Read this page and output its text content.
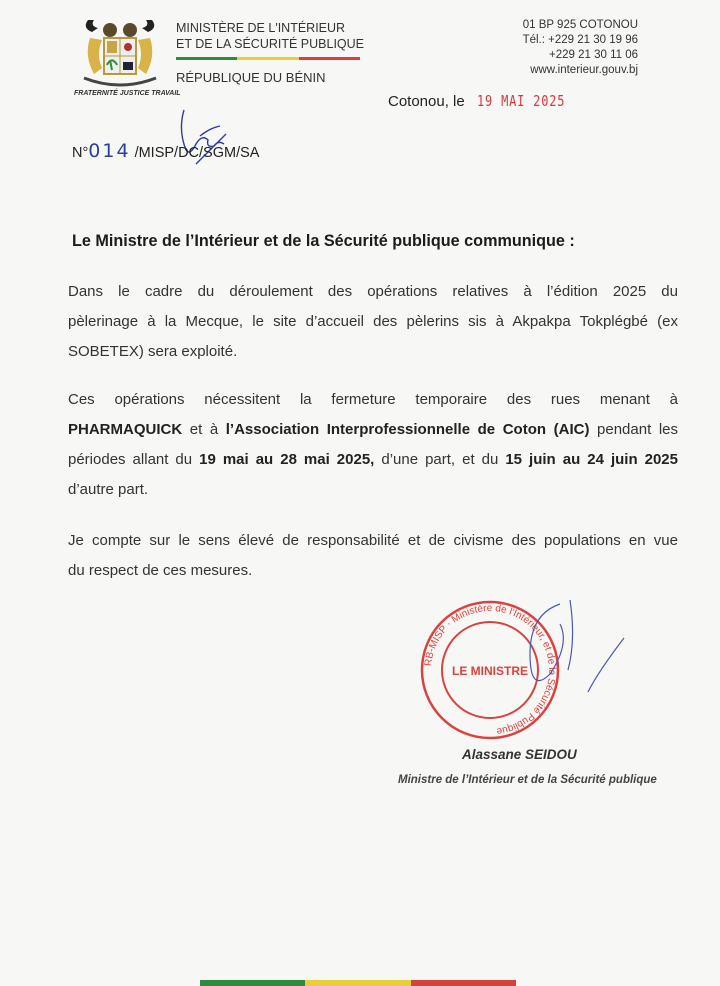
FRATERNITÉ JUSTICE TRAVAIL
MINISTÈRE DE L'INTÉRIEUR
ET DE LA SÉCURITÉ PUBLIQUE
RÉPUBLIQUE DU BÉNIN
01 BP 925 COTONOU
Tél.: +229 21 30 19 96
+229 21 30 11 06
www.interieur.gouv.bj
Cotonou, le 19 MAI 2025
N°014 /MISP/DC/SGM/SA
Le Ministre de l’Intérieur et de la Sécurité publique communique :
Dans le cadre du déroulement des opérations relatives à l’édition 2025 du
pèlerinage à la Mecque, le site d’accueil des pèlerins sis à Akpakpa Tokplégbé (ex
SOBETEX) sera exploité.
Ces opérations nécessitent la fermeture temporaire des rues menant à
PHARMAQUICK et à l’Association Interprofessionnelle de Coton (AIC) pendant les
périodes allant du 19 mai au 28 mai 2025, d’une part, et du 15 juin au 24 juin 2025
d’autre part.
Je compte sur le sens élevé de responsabilité et de civisme des populations en vue
du respect de ces mesures.
RB-MISP · Ministère de l'Intérieur, et de la Sécurité Publique
LE MINISTRE
Alassane SEIDOU
Ministre de l’Intérieur et de la Sécurité publique
